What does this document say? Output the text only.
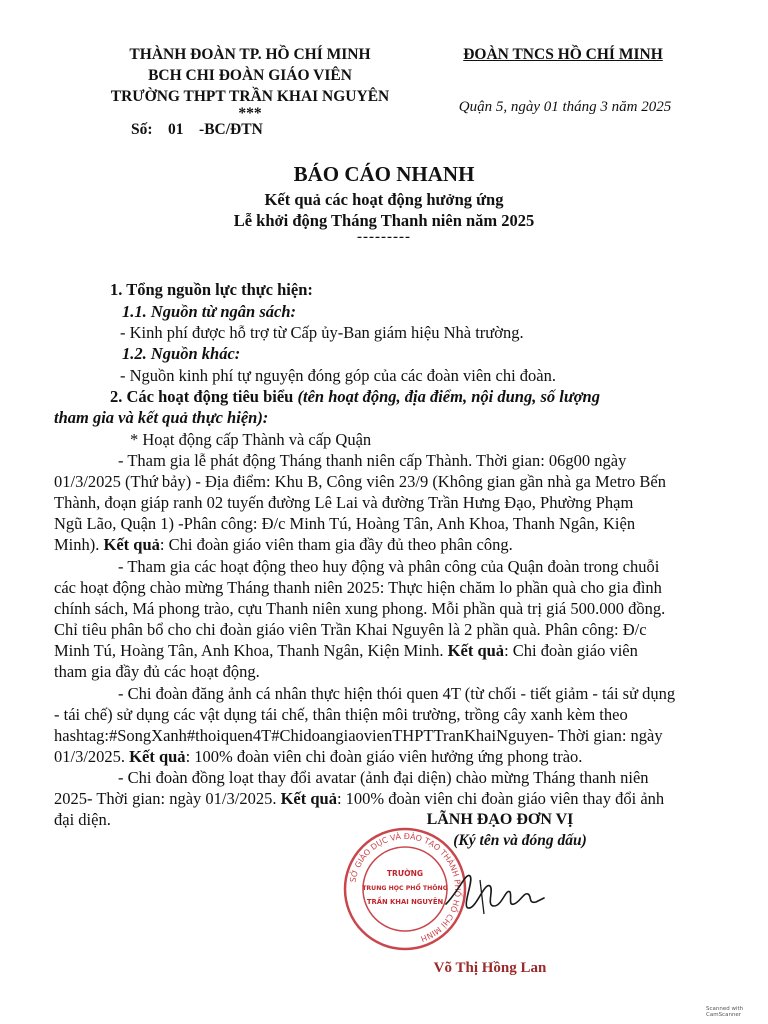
THÀNH ĐOÀN TP. HỒ CHÍ MINH
BCH CHI ĐOÀN GIÁO VIÊN
TRƯỜNG THPT TRẦN KHAI NGUYÊN
***
Số:    01    -BC/ĐTN
ĐOÀN TNCS HỒ CHÍ MINH
Quận 5, ngày 01 tháng 3 năm 2025
BÁO CÁO NHANH
Kết quả các hoạt động hưởng ứng
Lễ khởi động Tháng Thanh niên năm 2025
---------
1. Tổng nguồn lực thực hiện:
1.1. Nguồn từ ngân sách:
- Kinh phí được hỗ trợ từ Cấp ủy-Ban giám hiệu Nhà trường.
1.2. Nguồn khác:
- Nguồn kinh phí tự nguyện đóng góp của các đoàn viên chi đoàn.
2. Các hoạt động tiêu biểu (tên hoạt động, địa điểm, nội dung, số lượng
tham gia và kết quả thực hiện):
* Hoạt động cấp Thành và cấp Quận
- Tham gia lễ phát động Tháng thanh niên cấp Thành. Thời gian: 06g00 ngày
01/3/2025 (Thứ bảy) - Địa điểm: Khu B, Công viên 23/9 (Không gian gần nhà ga Metro Bến
Thành, đoạn giáp ranh 02 tuyến đường Lê Lai và đường Trần Hưng Đạo, Phường Phạm
Ngũ Lão, Quận 1) -Phân công: Đ/c Minh Tú, Hoàng Tân, Anh Khoa, Thanh Ngân, Kiện
Minh). Kết quả: Chi đoàn giáo viên tham gia đầy đủ theo phân công.
- Tham gia các hoạt động theo huy động và phân công của Quận đoàn trong chuỗi
các hoạt động chào mừng Tháng thanh niên 2025: Thực hiện chăm lo phần quà cho gia đình
chính sách, Má phong trào, cựu Thanh niên xung phong. Mỗi phần quà trị giá 500.000 đồng.
Chỉ tiêu phân bổ cho chi đoàn giáo viên Trần Khai Nguyên là 2 phần quà. Phân công: Đ/c
Minh Tú, Hoàng Tân, Anh Khoa, Thanh Ngân, Kiện Minh. Kết quả: Chi đoàn giáo viên
tham gia đầy đủ các hoạt động.
- Chi đoàn đăng ảnh cá nhân thực hiện thói quen 4T (từ chối - tiết giảm - tái sử dụng
- tái chế) sử dụng các vật dụng tái chế, thân thiện môi trường, trồng cây xanh kèm theo
hashtag:#SongXanh#thoiquen4T#ChidoangiaovienTHPTTranKhaiNguyen- Thời gian: ngày
01/3/2025. Kết quả: 100% đoàn viên chi đoàn giáo viên hưởng ứng phong trào.
- Chi đoàn đồng loạt thay đổi avatar (ảnh đại diện) chào mừng Tháng thanh niên
2025- Thời gian: ngày 01/3/2025. Kết quả: 100% đoàn viên chi đoàn giáo viên thay đổi ảnh
đại diện.	LÃNH ĐẠO ĐƠN VỊ
(Ký tên và đóng dấu)
SỞ GIÁO DỤC VÀ ĐÀO TẠO THÀNH PHỐ HỒ CHÍ MINH
TRƯỜNG
TRUNG HỌC PHỔ THÔNG
TRẦN KHAI NGUYÊN
Võ Thị Hồng Lan
Scanned with
CamScanner
